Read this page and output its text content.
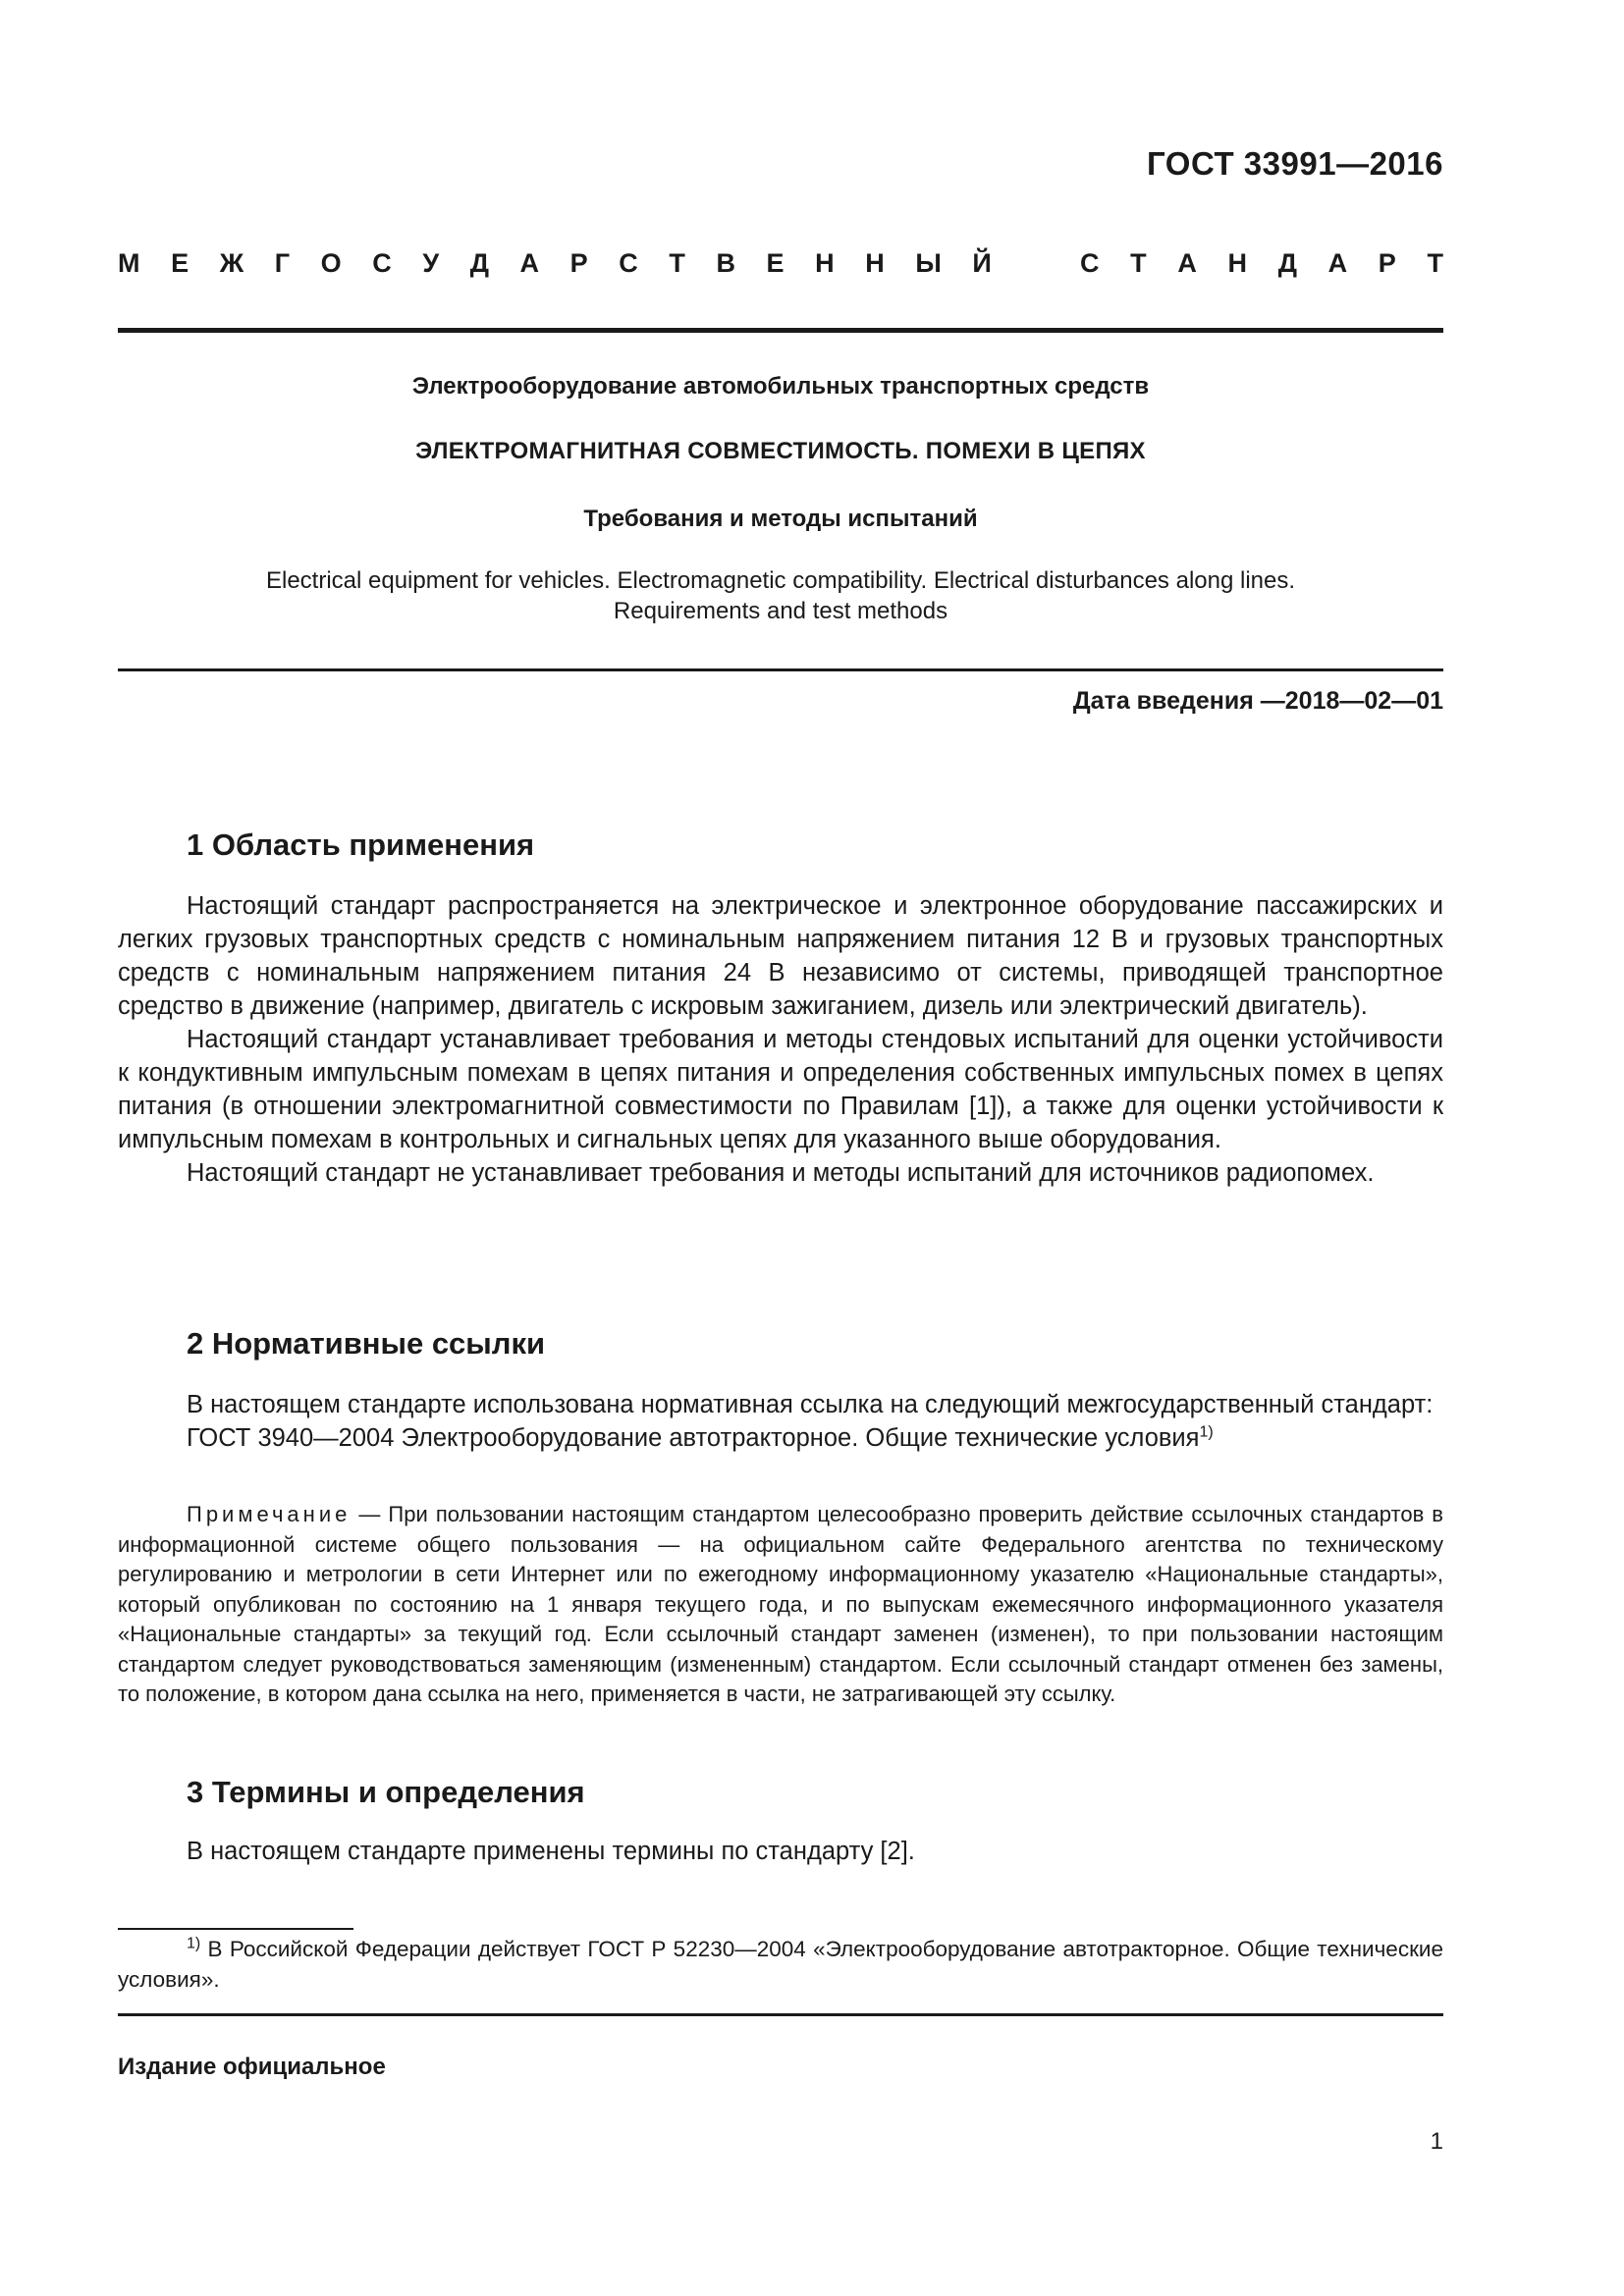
ГОСТ 33991—2016
М Е Ж Г О С У Д А Р С Т В Е Н Н Ы Й	С Т А Н Д А Р Т
Электрооборудование автомобильных транспортных средств
ЭЛЕКТРОМАГНИТНАЯ СОВМЕСТИМОСТЬ. ПОМЕХИ В ЦЕПЯХ
Требования и методы испытаний
Electrical equipment for vehicles. Electromagnetic compatibility. Electrical disturbances along lines.
Requirements and test methods
Дата введения —2018—02—01
1 Область применения

Настоящий стандарт распространяется на электрическое и электронное оборудование пассажирских и легких грузовых транспортных средств с номинальным напряжением питания 12 В и грузовых транспортных средств с номинальным напряжением питания 24 В независимо от системы, приводящей транспортное средство в движение (например, двигатель с искровым зажиганием, дизель или электрический двигатель).

Настоящий стандарт устанавливает требования и методы стендовых испытаний для оценки устойчивости к кондуктивным импульсным помехам в цепях питания и определения собственных импульсных помех в цепях питания (в отношении электромагнитной совместимости по Правилам [1]), а также для оценки устойчивости к импульсным помехам в контрольных и сигнальных цепях для указанного выше оборудования.

Настоящий стандарт не устанавливает требования и методы испытаний для источников радиопомех.

2 Нормативные ссылки

В настоящем стандарте использована нормативная ссылка на следующий межгосударственный стандарт:

ГОСТ 3940—2004 Электрооборудование автотракторное. Общие технические условия$^{1)}$

Примечание — При пользовании настоящим стандартом целесообразно проверить действие ссылочных стандартов в информационной системе общего пользования — на официальном сайте Федерального агентства по техническому регулированию и метрологии в сети Интернет или по ежегодному информационному указателю «Национальные стандарты», который опубликован по состоянию на 1 января текущего года, и по выпускам ежемесячного информационного указателя «Национальные стандарты» за текущий год. Если ссылочный стандарт заменен (изменен), то при пользовании настоящим стандартом следует руководствоваться заменяющим (измененным) стандартом. Если ссылочный стандарт отменен без замены, то положение, в котором дана ссылка на него, применяется в части, не затрагивающей эту ссылку.
3 Термины и определения

В настоящем стандарте применены термины по стандарту [2].

$^{1)}$ В Российской Федерации действует ГОСТ Р 52230—2004 «Электрооборудование автотракторное. Общие технические условия».
Издание официальное
1
